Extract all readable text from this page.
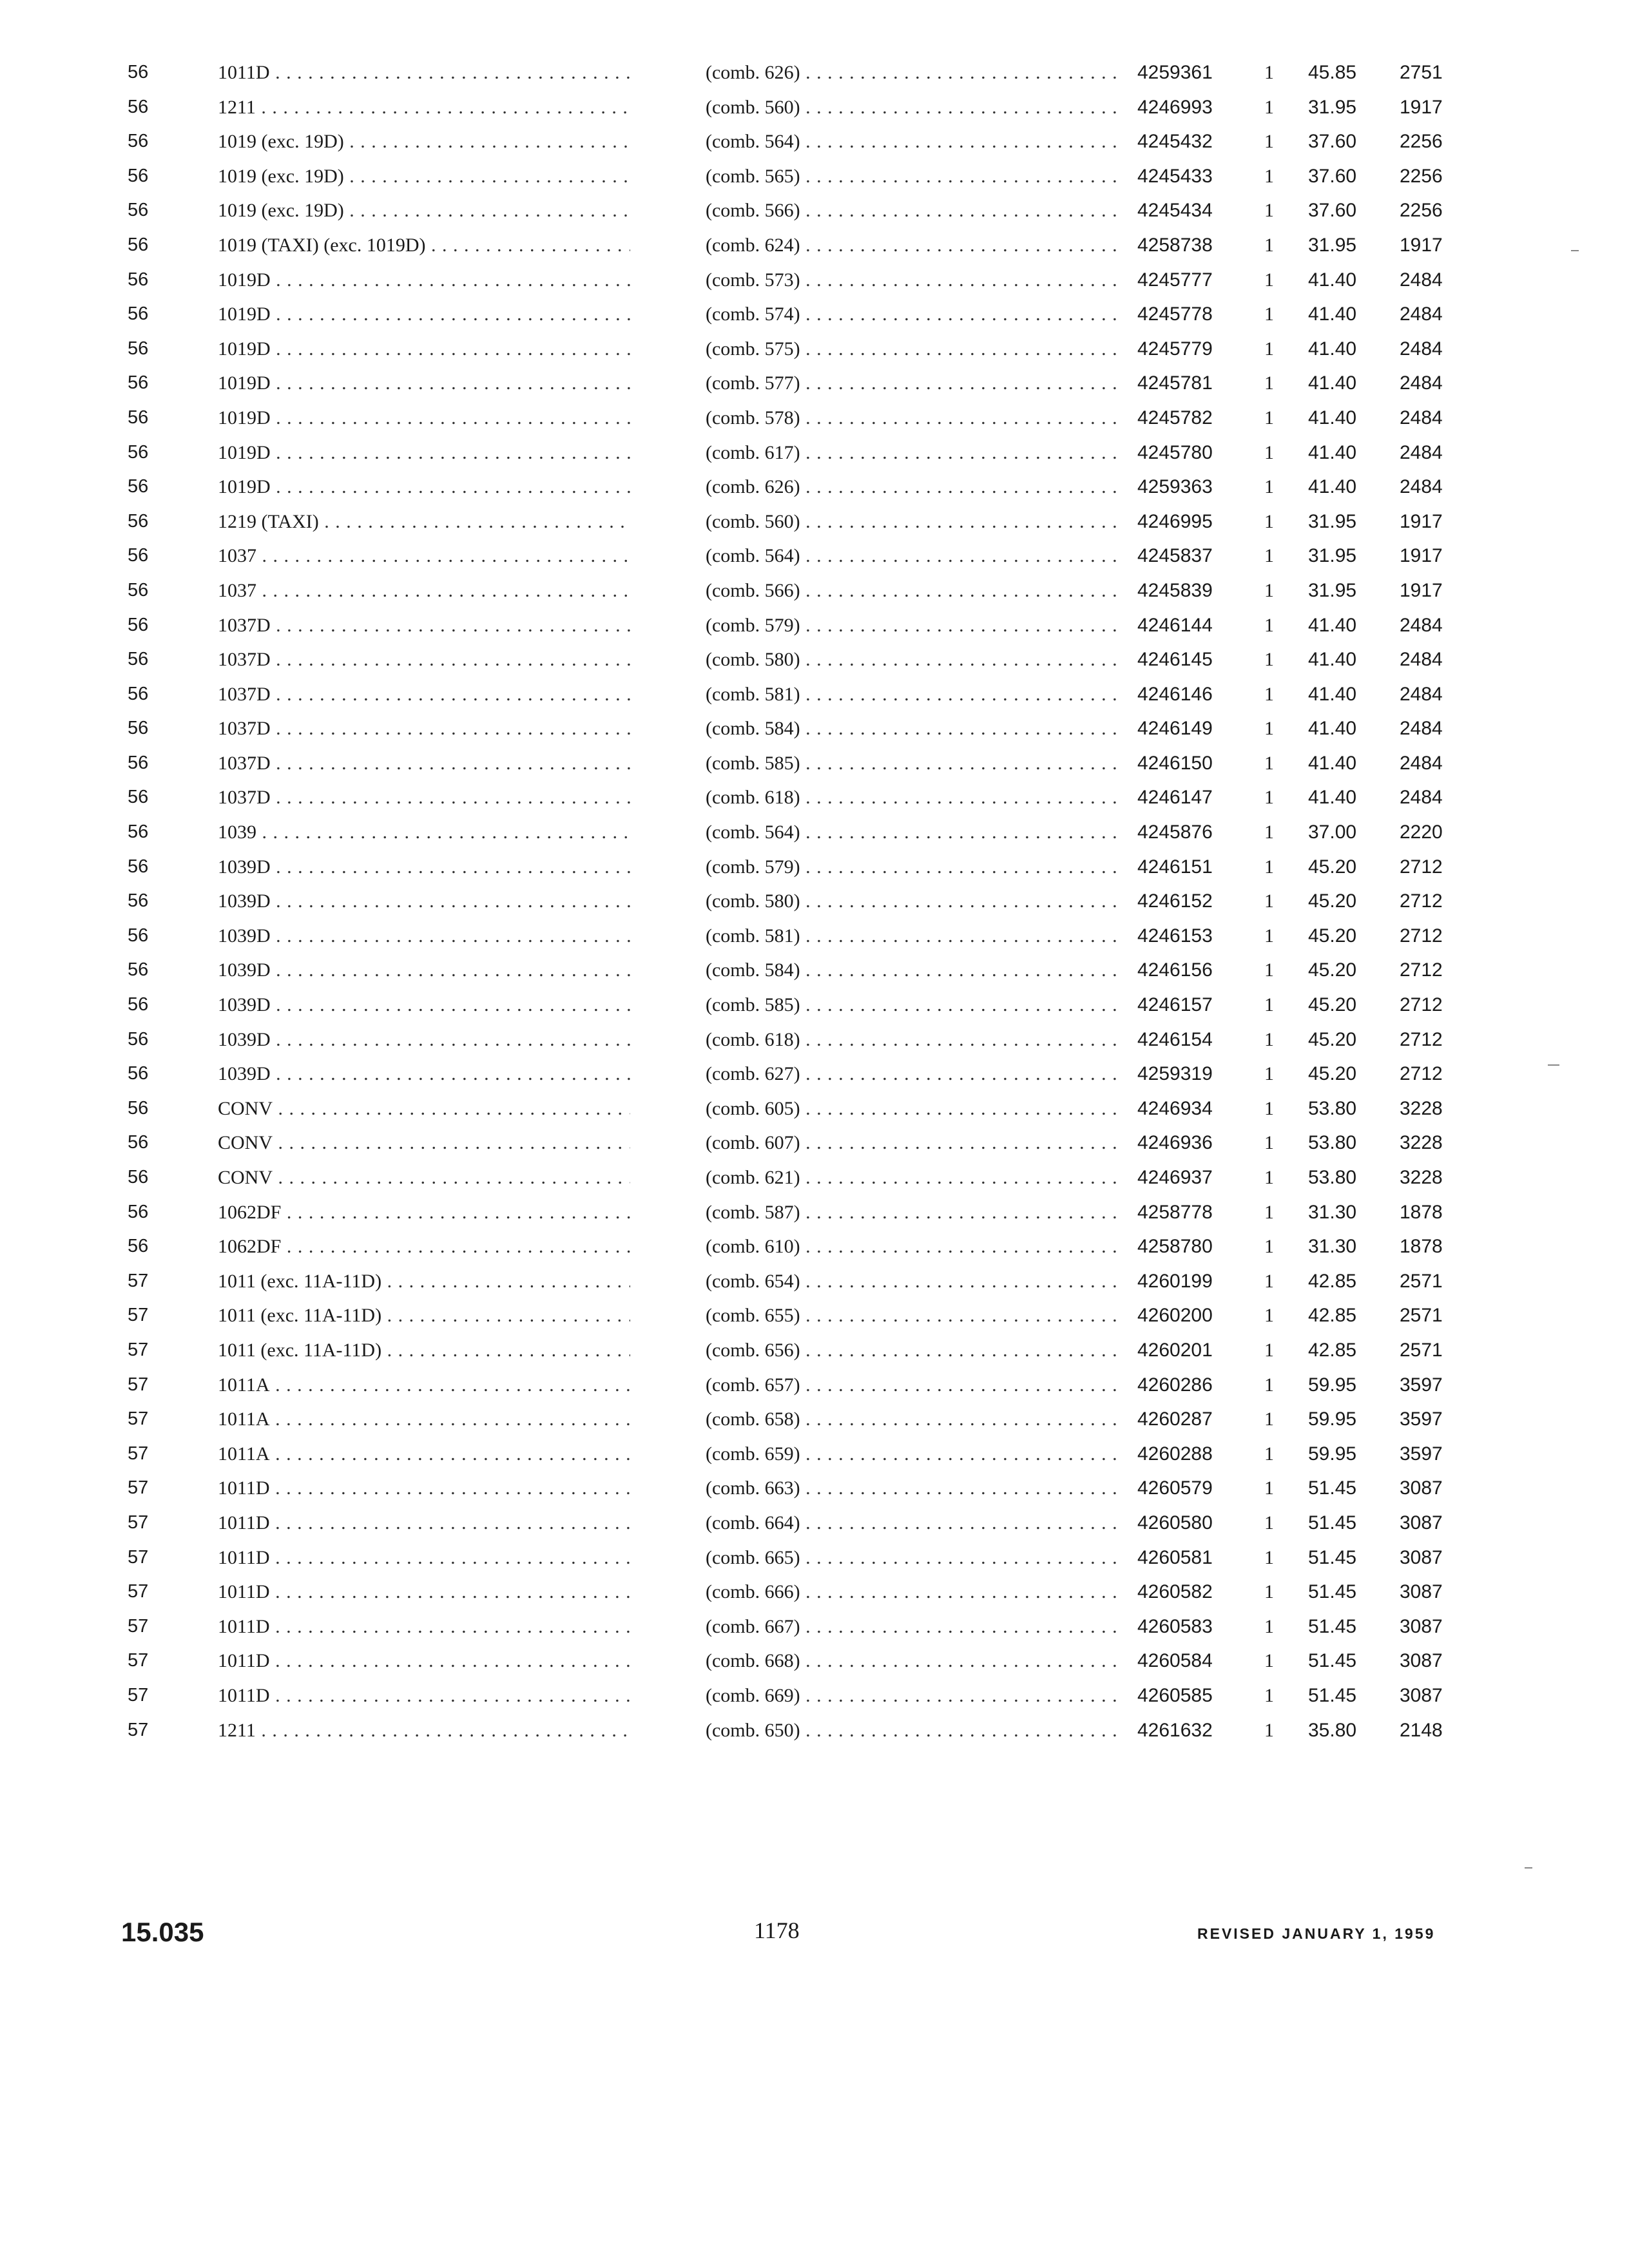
56	1011D . . .	(comb. 626) . . .	4259361	1	45.85	2751
56	1211 . . .	(comb. 560) . . .	4246993	1	31.95	1917
56	1019 (exc. 19D) . . .	(comb. 564) . . .	4245432	1	37.60	2256
56	1019 (exc. 19D) . . .	(comb. 565) . . .	4245433	1	37.60	2256
56	1019 (exc. 19D) . . .	(comb. 566) . . .	4245434	1	37.60	2256
56	1019 (TAXI) (exc. 1019D) . . .	(comb. 624) . . .	4258738	1	31.95	1917
56	1019D . . .	(comb. 573) . . .	4245777	1	41.40	2484
56	1019D . . .	(comb. 574) . . .	4245778	1	41.40	2484
56	1019D . . .	(comb. 575) . . .	4245779	1	41.40	2484
56	1019D . . .	(comb. 577) . . .	4245781	1	41.40	2484
56	1019D . . .	(comb. 578) . . .	4245782	1	41.40	2484
56	1019D . . .	(comb. 617) . . .	4245780	1	41.40	2484
56	1019D . . .	(comb. 626) . . .	4259363	1	41.40	2484
56	1219 (TAXI) . . .	(comb. 560) . . .	4246995	1	31.95	1917
56	1037 . . .	(comb. 564) . . .	4245837	1	31.95	1917
56	1037 . . .	(comb. 566) . . .	4245839	1	31.95	1917
56	1037D . . .	(comb. 579) . . .	4246144	1	41.40	2484
56	1037D . . .	(comb. 580) . . .	4246145	1	41.40	2484
56	1037D . . .	(comb. 581) . . .	4246146	1	41.40	2484
56	1037D . . .	(comb. 584) . . .	4246149	1	41.40	2484
56	1037D . . .	(comb. 585) . . .	4246150	1	41.40	2484
56	1037D . . .	(comb. 618) . . .	4246147	1	41.40	2484
56	1039 . . .	(comb. 564) . . .	4245876	1	37.00	2220
56	1039D . . .	(comb. 579) . . .	4246151	1	45.20	2712
56	1039D . . .	(comb. 580) . . .	4246152	1	45.20	2712
56	1039D . . .	(comb. 581) . . .	4246153	1	45.20	2712
56	1039D . . .	(comb. 584) . . .	4246156	1	45.20	2712
56	1039D . . .	(comb. 585) . . .	4246157	1	45.20	2712
56	1039D . . .	(comb. 618) . . .	4246154	1	45.20	2712
56	1039D . . .	(comb. 627) . . .	4259319	1	45.20	2712
56	CONV . . .	(comb. 605) . . .	4246934	1	53.80	3228
56	CONV . . .	(comb. 607) . . .	4246936	1	53.80	3228
56	CONV . . .	(comb. 621) . . .	4246937	1	53.80	3228
56	1062DF . . .	(comb. 587) . . .	4258778	1	31.30	1878
56	1062DF . . .	(comb. 610) . . .	4258780	1	31.30	1878
57	1011 (exc. 11A-11D) . . .	(comb. 654) . . .	4260199	1	42.85	2571
57	1011 (exc. 11A-11D) . . .	(comb. 655) . . .	4260200	1	42.85	2571
57	1011 (exc. 11A-11D) . . .	(comb. 656) . . .	4260201	1	42.85	2571
57	1011A . . .	(comb. 657) . . .	4260286	1	59.95	3597
57	1011A . . .	(comb. 658) . . .	4260287	1	59.95	3597
57	1011A . . .	(comb. 659) . . .	4260288	1	59.95	3597
57	1011D . . .	(comb. 663) . . .	4260579	1	51.45	3087
57	1011D . . .	(comb. 664) . . .	4260580	1	51.45	3087
57	1011D . . .	(comb. 665) . . .	4260581	1	51.45	3087
57	1011D . . .	(comb. 666) . . .	4260582	1	51.45	3087
57	1011D . . .	(comb. 667) . . .	4260583	1	51.45	3087
57	1011D . . .	(comb. 668) . . .	4260584	1	51.45	3087
57	1011D . . .	(comb. 669) . . .	4260585	1	51.45	3087
57	1211 . . .	(comb. 650) . . .	4261632	1	35.80	2148
15.035	1178	REVISED JANUARY 1, 1959
